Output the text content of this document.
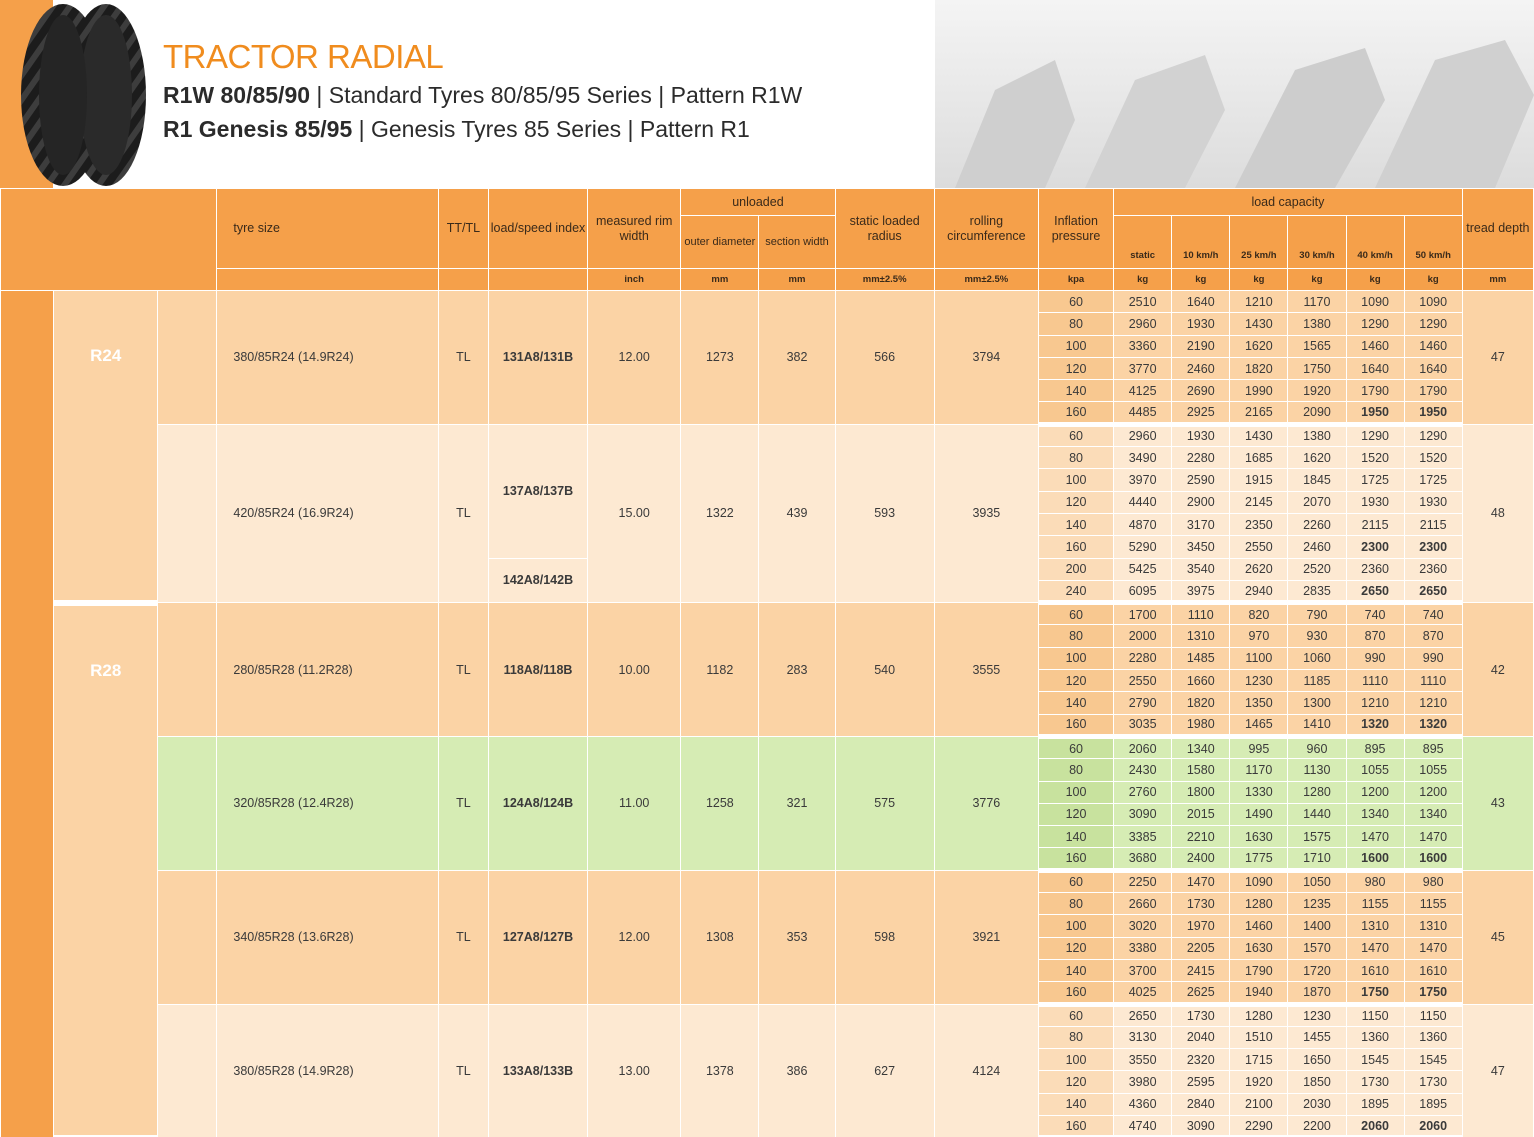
TRACTOR RADIAL
R1W 80/85/90 | Standard Tyres 80/85/95 Series | Pattern R1W
R1 Genesis 85/95 | Genesis Tyres 85 Series | Pattern R1
			tyre size	TT/TL	load/speed index	measured rim width	unloaded		static loaded radius	rolling circumference	Inflation pressure	load capacity						tread depth
							outer diameter	section width				static	10 km/h	25 km/h	30 km/h	40 km/h	50 km/h	
						inch	mm	mm	mm±2.5%	mm±2.5%	kpa	kg	kg	kg	kg	kg	kg	mm
	R24		380/85R24 (14.9R24)	TL	131A8/131B	12.00	1273	382	566	3794	60	2510	1640	1210	1170	1090	1090	47
											80	2960	1930	1430	1380	1290	1290	
											100	3360	2190	1620	1565	1460	1460	
											120	3770	2460	1820	1750	1640	1640	
											140	4125	2690	1990	1920	1790	1790	
											160	4485	2925	2165	2090	1950	1950	
			420/85R24 (16.9R24)	TL	137A8/137B	15.00	1322	439	593	3935	60	2960	1930	1430	1380	1290	1290	48
											80	3490	2280	1685	1620	1520	1520	
											100	3970	2590	1915	1845	1725	1725	
											120	4440	2900	2145	2070	1930	1930	
											140	4870	3170	2350	2260	2115	2115	
											160	5290	3450	2550	2460	2300	2300	
					142A8/142B						200	5425	3540	2620	2520	2360	2360	
											240	6095	3975	2940	2835	2650	2650	
	R28		280/85R28 (11.2R28)	TL	118A8/118B	10.00	1182	283	540	3555	60	1700	1110	820	790	740	740	42
											80	2000	1310	970	930	870	870	
											100	2280	1485	1100	1060	990	990	
											120	2550	1660	1230	1185	1110	1110	
											140	2790	1820	1350	1300	1210	1210	
											160	3035	1980	1465	1410	1320	1320	
			320/85R28 (12.4R28)	TL	124A8/124B	11.00	1258	321	575	3776	60	2060	1340	995	960	895	895	43
											80	2430	1580	1170	1130	1055	1055	
											100	2760	1800	1330	1280	1200	1200	
											120	3090	2015	1490	1440	1340	1340	
											140	3385	2210	1630	1575	1470	1470	
											160	3680	2400	1775	1710	1600	1600	
			340/85R28 (13.6R28)	TL	127A8/127B	12.00	1308	353	598	3921	60	2250	1470	1090	1050	980	980	45
											80	2660	1730	1280	1235	1155	1155	
											100	3020	1970	1460	1400	1310	1310	
											120	3380	2205	1630	1570	1470	1470	
											140	3700	2415	1790	1720	1610	1610	
											160	4025	2625	1940	1870	1750	1750	
			380/85R28 (14.9R28)	TL	133A8/133B	13.00	1378	386	627	4124	60	2650	1730	1280	1230	1150	1150	47
											80	3130	2040	1510	1455	1360	1360	
											100	3550	2320	1715	1650	1545	1545	
											120	3980	2595	1920	1850	1730	1730	
											140	4360	2840	2100	2030	1895	1895	
											160	4740	3090	2290	2200	2060	2060	
